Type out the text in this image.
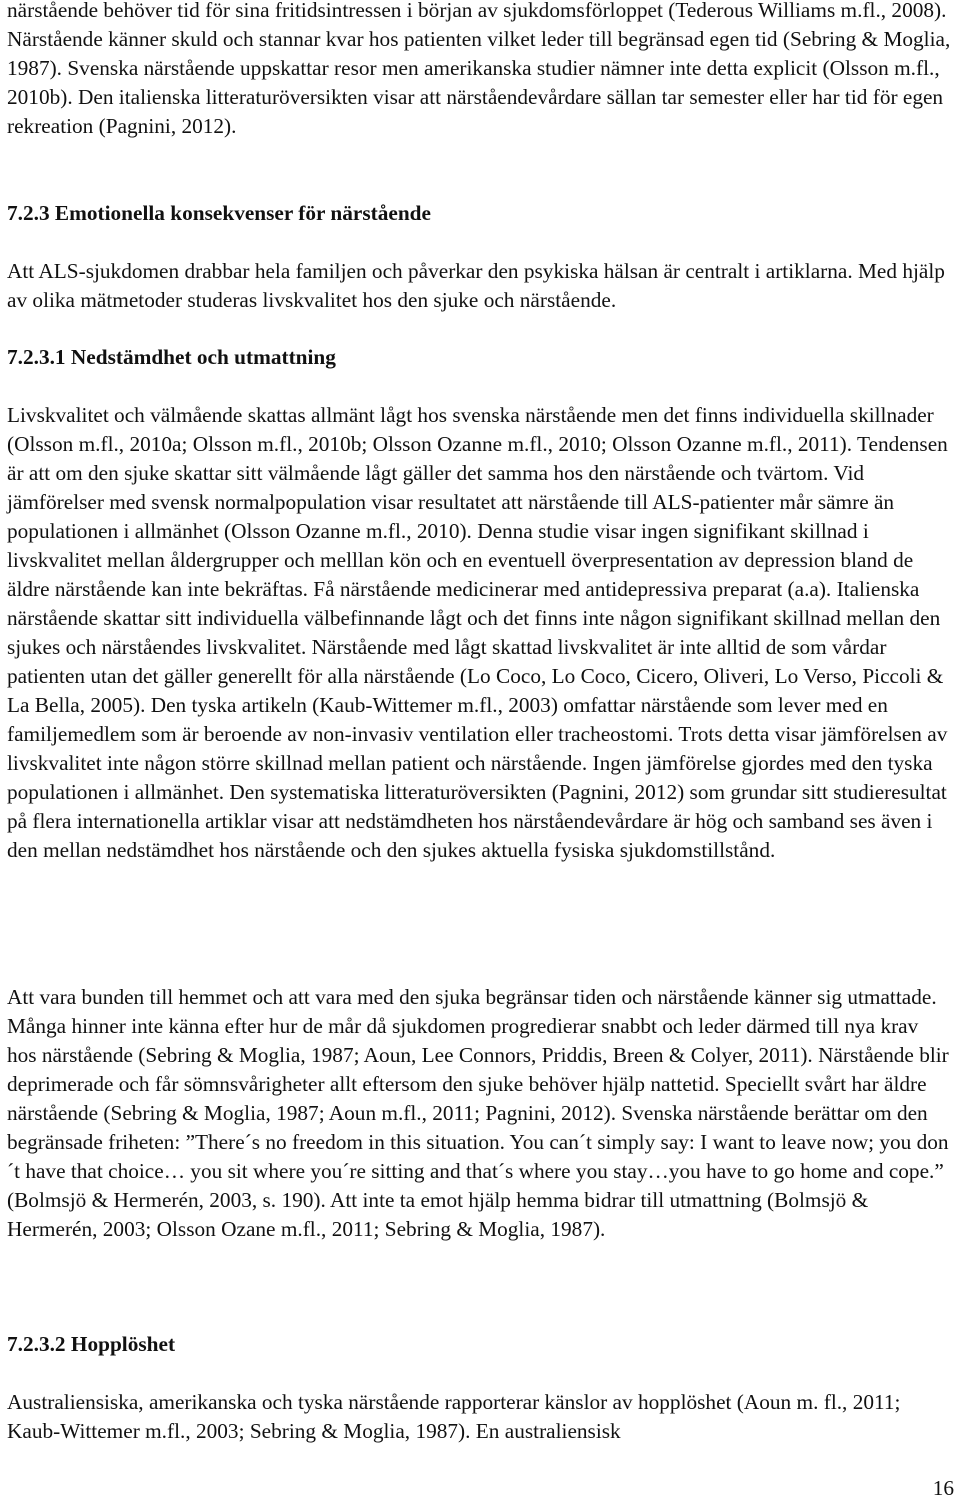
närstående behöver tid för sina fritidsintressen i början av sjukdomsförloppet (Tederous Williams m.fl., 2008). Närstående känner skuld och stannar kvar hos patienten vilket leder till begränsad egen tid (Sebring & Moglia, 1987). Svenska närstående uppskattar resor men amerikanska studier nämner inte detta explicit (Olsson m.fl., 2010b). Den italienska litteraturöversikten visar att närståendevårdare sällan tar semester eller har tid för egen rekreation (Pagnini, 2012).

7.2.3 Emotionella konsekvenser för närstående

Att ALS-sjukdomen drabbar hela familjen och påverkar den psykiska hälsan är centralt i artiklarna. Med hjälp av olika mätmetoder studeras livskvalitet hos den sjuke och närstående.

7.2.3.1 Nedstämdhet och utmattning

Livskvalitet och välmående skattas allmänt lågt hos svenska närstående men det finns individuella skillnader (Olsson m.fl., 2010a; Olsson m.fl., 2010b; Olsson Ozanne m.fl., 2010; Olsson Ozanne m.fl., 2011). Tendensen är att om den sjuke skattar sitt välmående lågt gäller det samma hos den närstående och tvärtom. Vid jämförelser med svensk normalpopulation visar resultatet att närstående till ALS-patienter mår sämre än populationen i allmänhet (Olsson Ozanne m.fl., 2010). Denna studie visar ingen signifikant skillnad i livskvalitet mellan åldergrupper och melllan kön och en eventuell överpresentation av depression bland de äldre närstående kan inte bekräftas. Få närstående medicinerar med antidepressiva preparat (a.a). Italienska närstående skattar sitt individuella välbefinnande lågt och det finns inte någon signifikant skillnad mellan den sjukes och närståendes livskvalitet. Närstående med lågt skattad livskvalitet är inte alltid de som vårdar patienten utan det gäller generellt för alla närstående (Lo Coco, Lo Coco, Cicero, Oliveri, Lo Verso, Piccoli & La Bella, 2005). Den tyska artikeln (Kaub-Wittemer m.fl., 2003) omfattar närstående som lever med en familjemedlem som är beroende av non-invasiv ventilation eller tracheostomi. Trots detta visar jämförelsen av livskvalitet inte någon större skillnad mellan patient och närstående. Ingen jämförelse gjordes med den tyska populationen i allmänhet. Den systematiska litteraturöversikten (Pagnini, 2012) som grundar sitt studieresultat på flera internationella artiklar visar att nedstämdheten hos närståendevårdare är hög och samband ses även i den mellan nedstämdhet hos närstående och den sjukes aktuella fysiska sjukdomstillstånd.

Att vara bunden till hemmet och att vara med den sjuka begränsar tiden och närstående känner sig utmattade. Många hinner inte känna efter hur de mår då sjukdomen progredierar snabbt och leder därmed till nya krav hos närstående (Sebring & Moglia, 1987; Aoun, Lee Connors, Priddis, Breen & Colyer, 2011). Närstående blir deprimerade och får sömnsvårigheter allt eftersom den sjuke behöver hjälp nattetid. Speciellt svårt har äldre närstående (Sebring & Moglia, 1987; Aoun m.fl., 2011; Pagnini, 2012). Svenska närstående berättar om den begränsade friheten: ”There´s no freedom in this situation. You can´t simply say: I want to leave now; you don´t have that choice… you sit where you´re sitting and that´s where you stay…you have to go home and cope.” (Bolmsjö & Hermerén, 2003, s. 190). Att inte ta emot hjälp hemma bidrar till utmattning (Bolmsjö & Hermerén, 2003; Olsson Ozane m.fl., 2011; Sebring & Moglia, 1987).

7.2.3.2 Hopplöshet

Australiensiska, amerikanska och tyska närstående rapporterar känslor av hopplöshet (Aoun m. fl., 2011; Kaub-Wittemer m.fl., 2003; Sebring & Moglia, 1987). En australiensisk

16
